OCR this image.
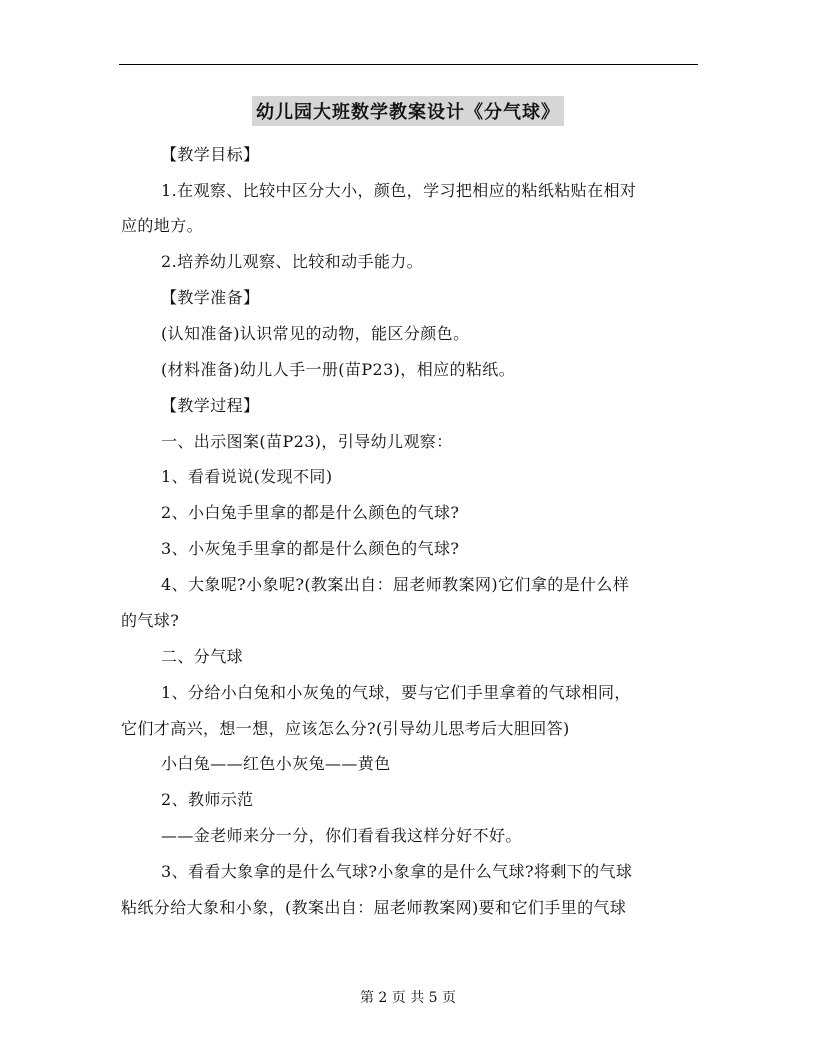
幼儿园大班数学教案设计《分气球》
【教学目标】
1.在观察、比较中区分大小，颜色，学习把相应的粘纸粘贴在相对
应的地方。
2.培养幼儿观察、比较和动手能力。
【教学准备】
(认知准备)认识常见的动物，能区分颜色。
(材料准备)幼儿人手一册(苗P23)，相应的粘纸。
【教学过程】
一、出示图案(苗P23)，引导幼儿观察：
1、看看说说(发现不同)
2、小白兔手里拿的都是什么颜色的气球?
3、小灰兔手里拿的都是什么颜色的气球?
4、大象呢?小象呢?(教案出自：屈老师教案网)它们拿的是什么样
的气球?
二、分气球
1、分给小白兔和小灰兔的气球，要与它们手里拿着的气球相同，
它们才高兴，想一想，应该怎么分?(引导幼儿思考后大胆回答)
小白兔——红色小灰兔——黄色
2、教师示范
——金老师来分一分，你们看看我这样分好不好。
3、看看大象拿的是什么气球?小象拿的是什么气球?将剩下的气球
粘纸分给大象和小象，(教案出自：屈老师教案网)要和它们手里的气球
第 2 页 共 5 页
